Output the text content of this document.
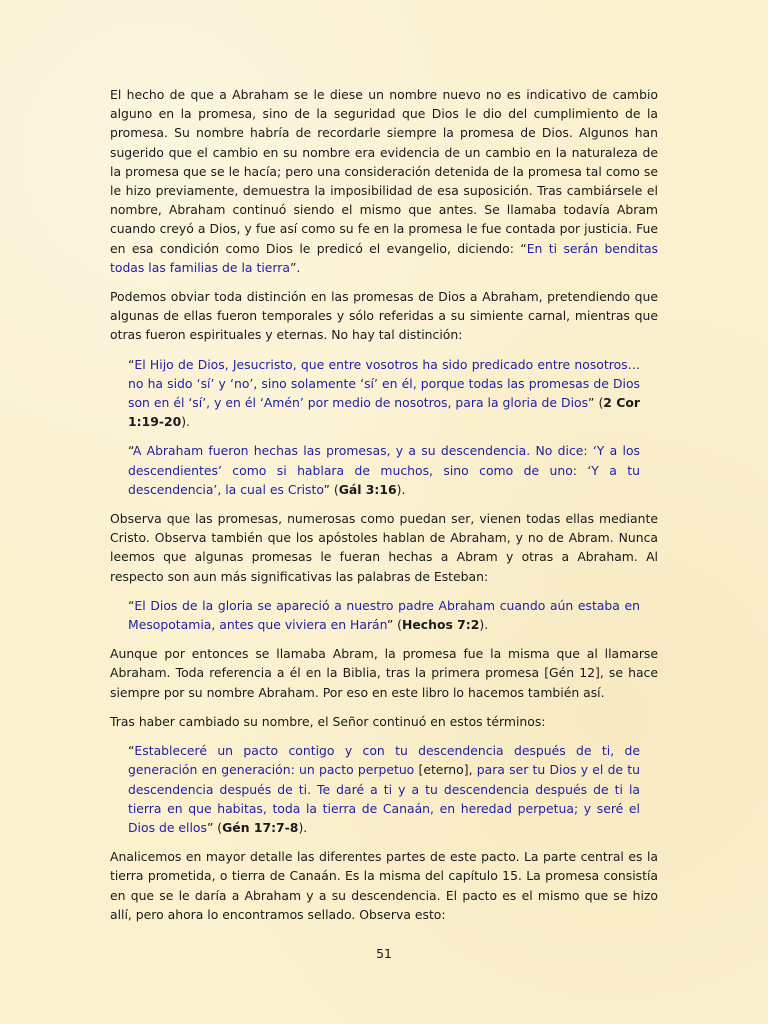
El hecho de que a Abraham se le diese un nombre nuevo no es indicativo de cambio alguno en la promesa, sino de la seguridad que Dios le dio del cumplimiento de la promesa. Su nombre habría de recordarle siempre la promesa de Dios. Algunos han sugerido que el cambio en su nombre era evidencia de un cambio en la naturaleza de la promesa que se le hacía; pero una consideración detenida de la promesa tal como se le hizo previamente, demuestra la imposibilidad de esa suposición. Tras cambiársele el nombre, Abraham continuó siendo el mismo que antes. Se llamaba todavía Abram cuando creyó a Dios, y fue así como su fe en la promesa le fue contada por justicia. Fue en esa condición como Dios le predicó el evangelio, diciendo: “En ti serán benditas todas las familias de la tierra”.

Podemos obviar toda distinción en las promesas de Dios a Abraham, pretendiendo que algunas de ellas fueron temporales y sólo referidas a su simiente carnal, mientras que otras fueron espirituales y eternas. No hay tal distinción:

“El Hijo de Dios, Jesucristo, que entre vosotros ha sido predicado entre nosotros… no ha sido ‘sí’ y ‘no’, sino solamente ‘sí’ en él, porque todas las promesas de Dios son en él ‘sí’, y en él ‘Amén’ por medio de nosotros, para la gloria de Dios” (2 Cor 1:19-20).

“A Abraham fueron hechas las promesas, y a su descendencia. No dice: ‘Y a los descendientes’ como si hablara de muchos, sino como de uno: ‘Y a tu descendencia’, la cual es Cristo” (Gál 3:16).

Observa que las promesas, numerosas como puedan ser, vienen todas ellas mediante Cristo. Observa también que los apóstoles hablan de Abraham, y no de Abram. Nunca leemos que algunas promesas le fueran hechas a Abram y otras a Abraham. Al respecto son aun más significativas las palabras de Esteban:

“El Dios de la gloria se apareció a nuestro padre Abraham cuando aún estaba en Mesopotamia, antes que viviera en Harán” (Hechos 7:2).

Aunque por entonces se llamaba Abram, la promesa fue la misma que al llamarse Abraham. Toda referencia a él en la Biblia, tras la primera promesa [Gén 12], se hace siempre por su nombre Abraham. Por eso en este libro lo hacemos también así.

Tras haber cambiado su nombre, el Señor continuó en estos términos:

“Estableceré un pacto contigo y con tu descendencia después de ti, de generación en generación: un pacto perpetuo [eterno], para ser tu Dios y el de tu descendencia después de ti. Te daré a ti y a tu descendencia después de ti la tierra en que habitas, toda la tierra de Canaán, en heredad perpetua; y seré el Dios de ellos” (Gén 17:7-8).

Analicemos en mayor detalle las diferentes partes de este pacto. La parte central es la tierra prometida, o tierra de Canaán. Es la misma del capítulo 15. La promesa consistía en que se le daría a Abraham y a su descendencia. El pacto es el mismo que se hizo allí, pero ahora lo encontramos sellado. Observa esto:

51
